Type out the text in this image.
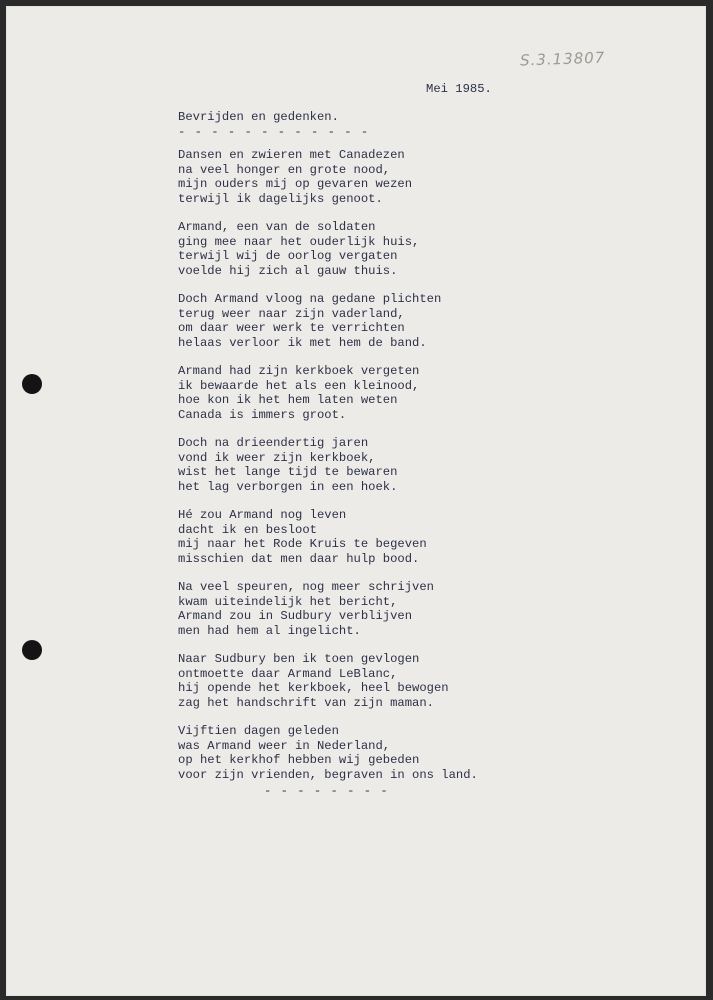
S.3.13807
Mei 1985.
Bevrijden en gedenken.
- - - - - - - - - - - -
Dansen en zwieren met Canadezen
na veel honger en grote nood,
mijn ouders mij op gevaren wezen
terwijl ik dagelijks genoot.
Armand, een van de soldaten
ging mee naar het ouderlijk huis,
terwijl wij de oorlog vergaten
voelde hij zich al gauw thuis.
Doch Armand vloog na gedane plichten
terug weer naar zijn vaderland,
om daar weer werk te verrichten
helaas verloor ik met hem de band.
Armand had zijn kerkboek vergeten
ik bewaarde het als een kleinood,
hoe kon ik het hem laten weten
Canada is immers groot.
Doch na drieendertig jaren
vond ik weer zijn kerkboek,
wist het lange tijd te bewaren
het lag verborgen in een hoek.
Hé zou Armand nog leven
dacht ik en besloot
mij naar het Rode Kruis te begeven
misschien dat men daar hulp bood.
Na veel speuren, nog meer schrijven
kwam uiteindelijk het bericht,
Armand zou in Sudbury verblijven
men had hem al ingelicht.
Naar Sudbury ben ik toen gevlogen
ontmoette daar Armand LeBlanc,
hij opende het kerkboek, heel bewogen
zag het handschrift van zijn maman.
Vijftien dagen geleden
was Armand weer in Nederland,
op het kerkhof hebben wij gebeden
voor zijn vrienden, begraven in ons land.
- - - - - - - -
